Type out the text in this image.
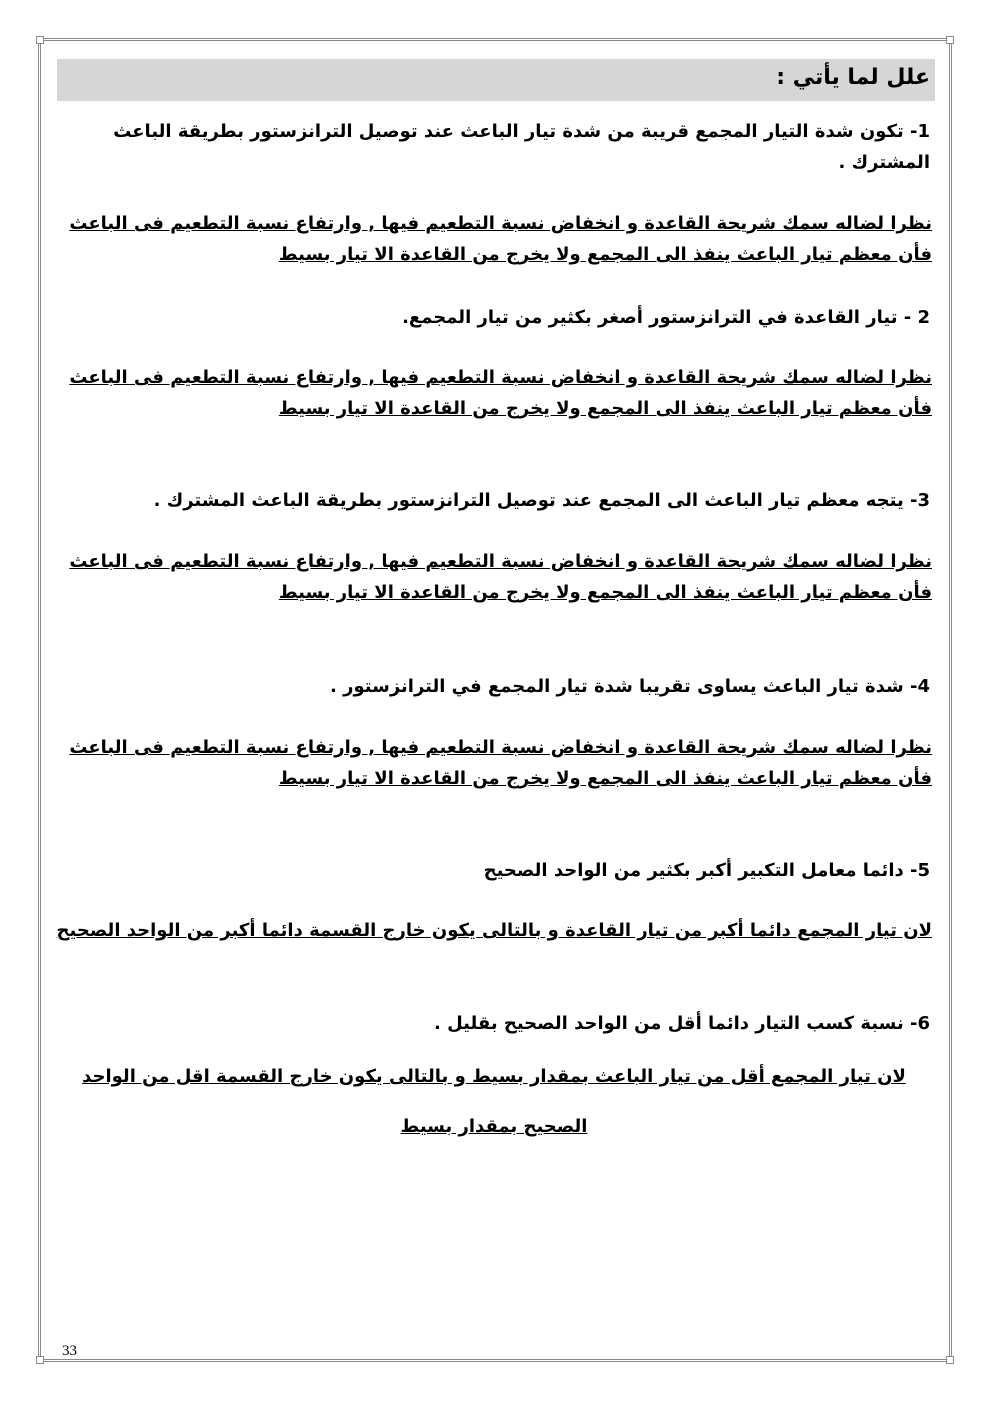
علل لما يأتي :
1- تكون شدة التيار المجمع قريبة من شدة تيار الباعث عند توصيل الترانزستور بطريقة الباعث المشترك .
نظرا لضاله سمك شريحة القاعدة و انخفاض نسبة التطعيم فيها , وارتفاع نسبة التطعيم فى الباعث فأن معظم تيار الباعث ينفذ الى المجمع ولا يخرج من القاعدة الا تيار بسيط
2 - تيار القاعدة في الترانزستور أصغر بكثير من تيار المجمع.
نظرا لضاله سمك شريحة القاعدة و انخفاض نسبة التطعيم فيها , وارتفاع نسبة التطعيم فى الباعث فأن معظم تيار الباعث ينفذ الى المجمع ولا يخرج من القاعدة الا تيار بسيط
3- يتجه معظم تيار الباعث الى المجمع عند توصيل الترانزستور بطريقة الباعث المشترك .
نظرا لضاله سمك شريحة القاعدة و انخفاض نسبة التطعيم فيها , وارتفاع نسبة التطعيم فى الباعث فأن معظم تيار الباعث ينفذ الى المجمع ولا يخرج من القاعدة الا تيار بسيط
4- شدة تيار الباعث يساوى تقريبا شدة تيار المجمع في الترانزستور .
نظرا لضاله سمك شريحة القاعدة و انخفاض نسبة التطعيم فيها , وارتفاع نسبة التطعيم فى الباعث فأن معظم تيار الباعث ينفذ الى المجمع ولا يخرج من القاعدة الا تيار بسيط
5- دائما معامل التكبير أكبر بكثير من الواحد الصحيح
لان تيار المجمع دائما أكبر من تيار القاعدة و بالتالى يكون خارج القسمة دائما أكبر من الواحد الصحيح
6- نسبة كسب التيار دائما أقل من الواحد الصحيح بقليل .
لان تيار المجمع أقل من تيار الباعث بمقدار بسيط و بالتالى يكون خارج القسمة اقل من الواحد الصحيح بمقدار بسيط
33
